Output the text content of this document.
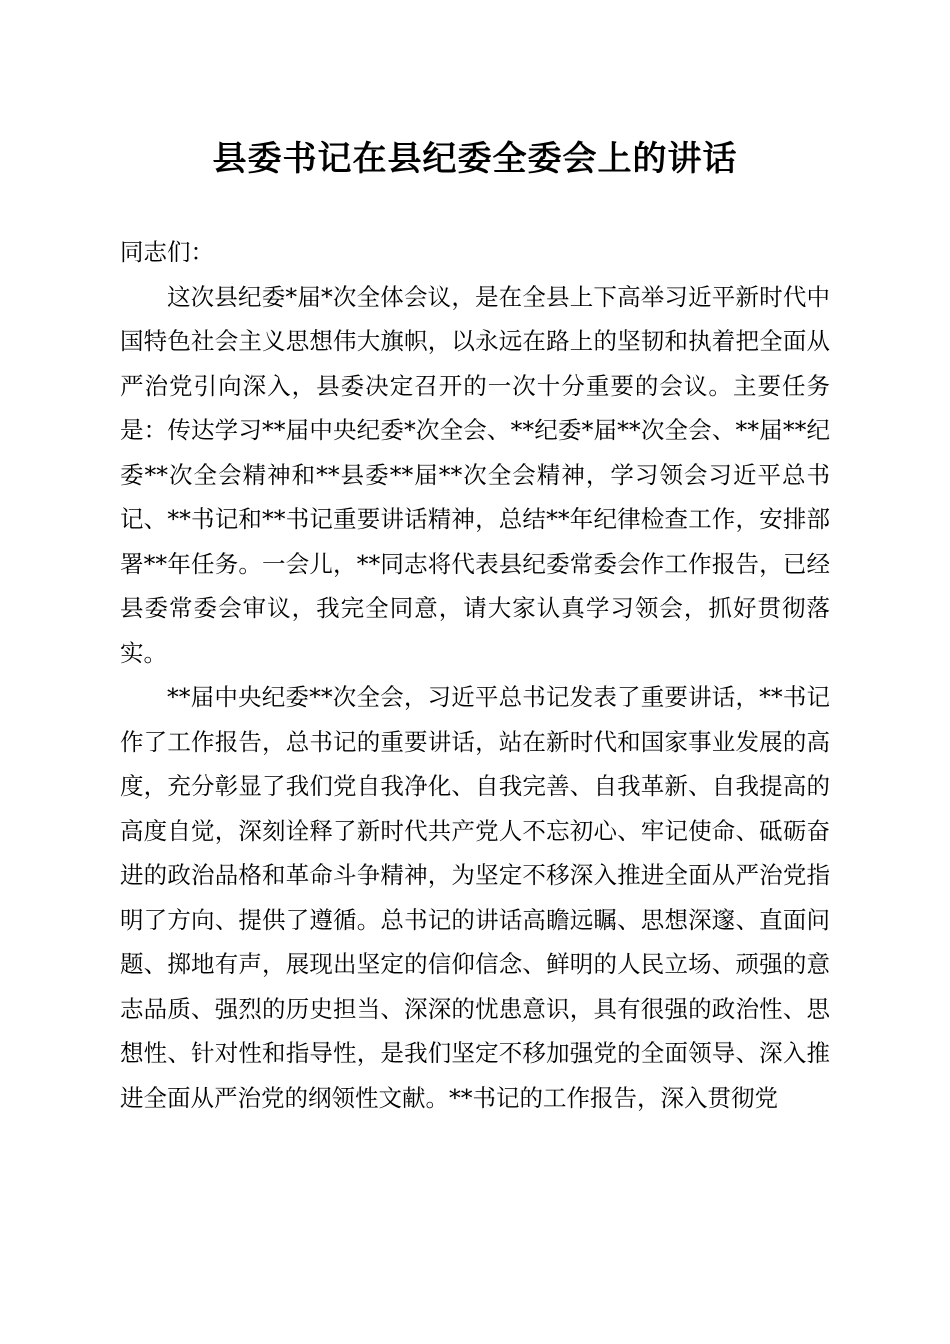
县委书记在县纪委全委会上的讲话

同志们：

这次县纪委*届*次全体会议，是在全县上下高举习近平新时代中国特色社会主义思想伟大旗帜，以永远在路上的坚韧和执着把全面从严治党引向深入，县委决定召开的一次十分重要的会议。主要任务是：传达学习**届中央纪委*次全会、**纪委*届**次全会、**届**纪委**次全会精神和**县委**届**次全会精神，学习领会习近平总书记、**书记和**书记重要讲话精神，总结**年纪律检查工作，安排部署**年任务。一会儿，**同志将代表县纪委常委会作工作报告，已经县委常委会审议，我完全同意，请大家认真学习领会，抓好贯彻落实。

**届中央纪委**次全会，习近平总书记发表了重要讲话，**书记作了工作报告，总书记的重要讲话，站在新时代和国家事业发展的高度，充分彰显了我们党自我净化、自我完善、自我革新、自我提高的高度自觉，深刻诠释了新时代共产党人不忘初心、牢记使命、砥砺奋进的政治品格和革命斗争精神，为坚定不移深入推进全面从严治党指明了方向、提供了遵循。总书记的讲话高瞻远瞩、思想深邃、直面问题、掷地有声，展现出坚定的信仰信念、鲜明的人民立场、顽强的意志品质、强烈的历史担当、深深的忧患意识，具有很强的政治性、思想性、针对性和指导性，是我们坚定不移加强党的全面领导、深入推进全面从严治党的纲领性文献。**书记的工作报告，深入贯彻党
